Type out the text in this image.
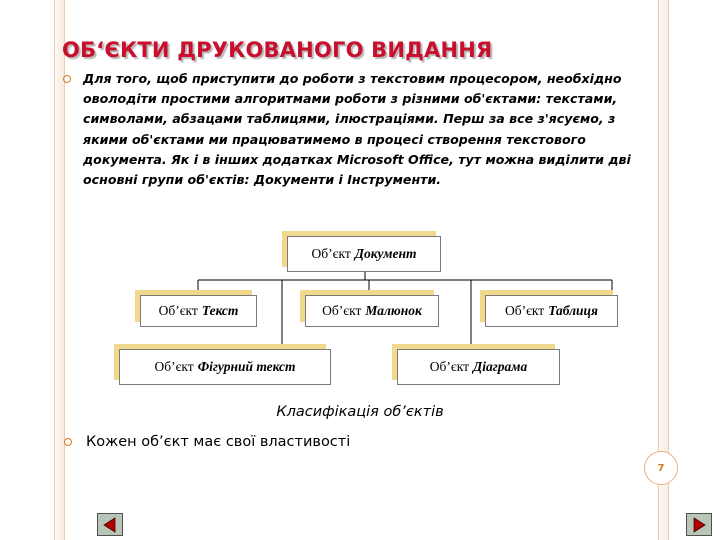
ОБ‘ЄКТИ ДРУКОВАНОГО ВИДАННЯ

Для того, щоб приступити до роботи з текстовим процесором, необхідно оволодіти простими алгоритмами роботи з різними об'єктами: текстами, символами, абзацами таблицями, ілюстраціями. Перш за все з'ясуємо, з якими об'єктами ми працюватимемо в процесі створення текстового документа. Як і в інших додатках Microsoft Office, тут можна виділити дві основні групи об'єктів: Документи і Інструменти.

Об’єкт Документ
Об’єкт Текст	Об’єкт Малюнок	Об’єкт Таблиця
Об’єкт Фігурний текст	Об’єкт Діаграма

Класифікація об’єктів

Кожен об’єкт має свої властивості

7
